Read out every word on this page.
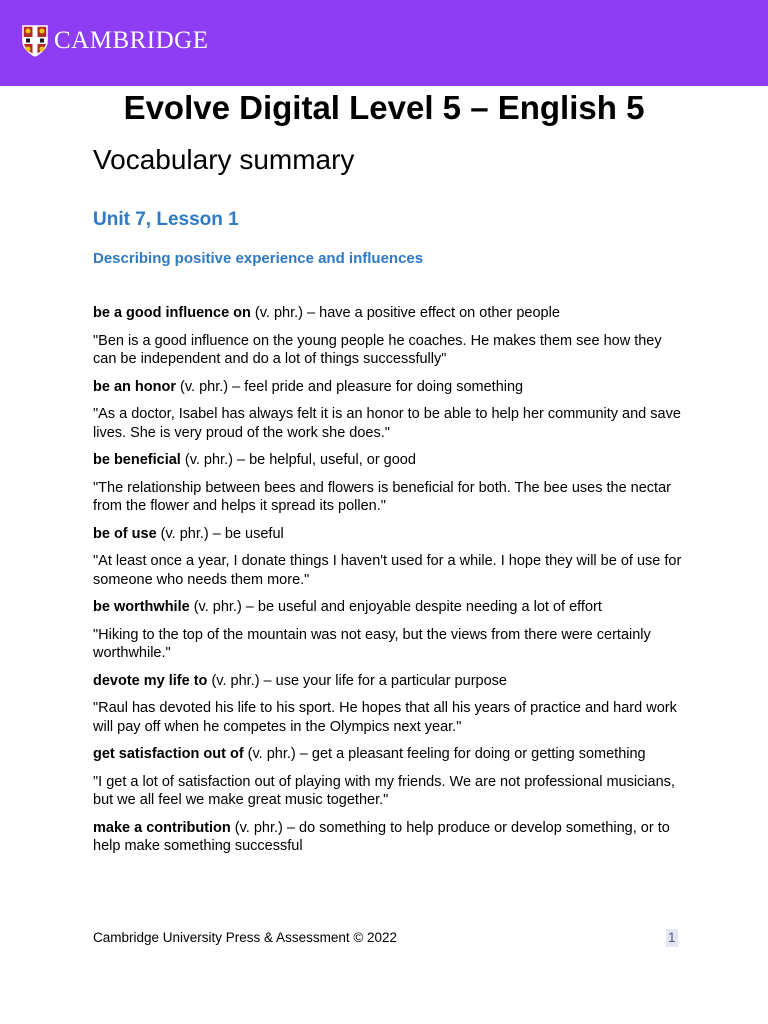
CAMBRIDGE
Evolve Digital Level 5 – English 5
Vocabulary summary
Unit 7, Lesson 1
Describing positive experience and influences

be a good influence on (v. phr.) – have a positive effect on other people

"Ben is a good influence on the young people he coaches. He makes them see how they can be independent and do a lot of things successfully"

be an honor (v. phr.) – feel pride and pleasure for doing something

"As a doctor, Isabel has always felt it is an honor to be able to help her community and save lives. She is very proud of the work she does."

be beneficial (v. phr.) – be helpful, useful, or good

"The relationship between bees and flowers is beneficial for both. The bee uses the nectar from the flower and helps it spread its pollen."

be of use (v. phr.) – be useful

"At least once a year, I donate things I haven't used for a while. I hope they will be of use for someone who needs them more."

be worthwhile (v. phr.) – be useful and enjoyable despite needing a lot of effort

"Hiking to the top of the mountain was not easy, but the views from there were certainly worthwhile."

devote my life to (v. phr.) – use your life for a particular purpose

"Raul has devoted his life to his sport. He hopes that all his years of practice and hard work will pay off when he competes in the Olympics next year."

get satisfaction out of (v. phr.) – get a pleasant feeling for doing or getting something

"I get a lot of satisfaction out of playing with my friends. We are not professional musicians, but we all feel we make great music together."

make a contribution (v. phr.) – do something to help produce or develop something, or to help make something successful

Cambridge University Press & Assessment © 2022	1
